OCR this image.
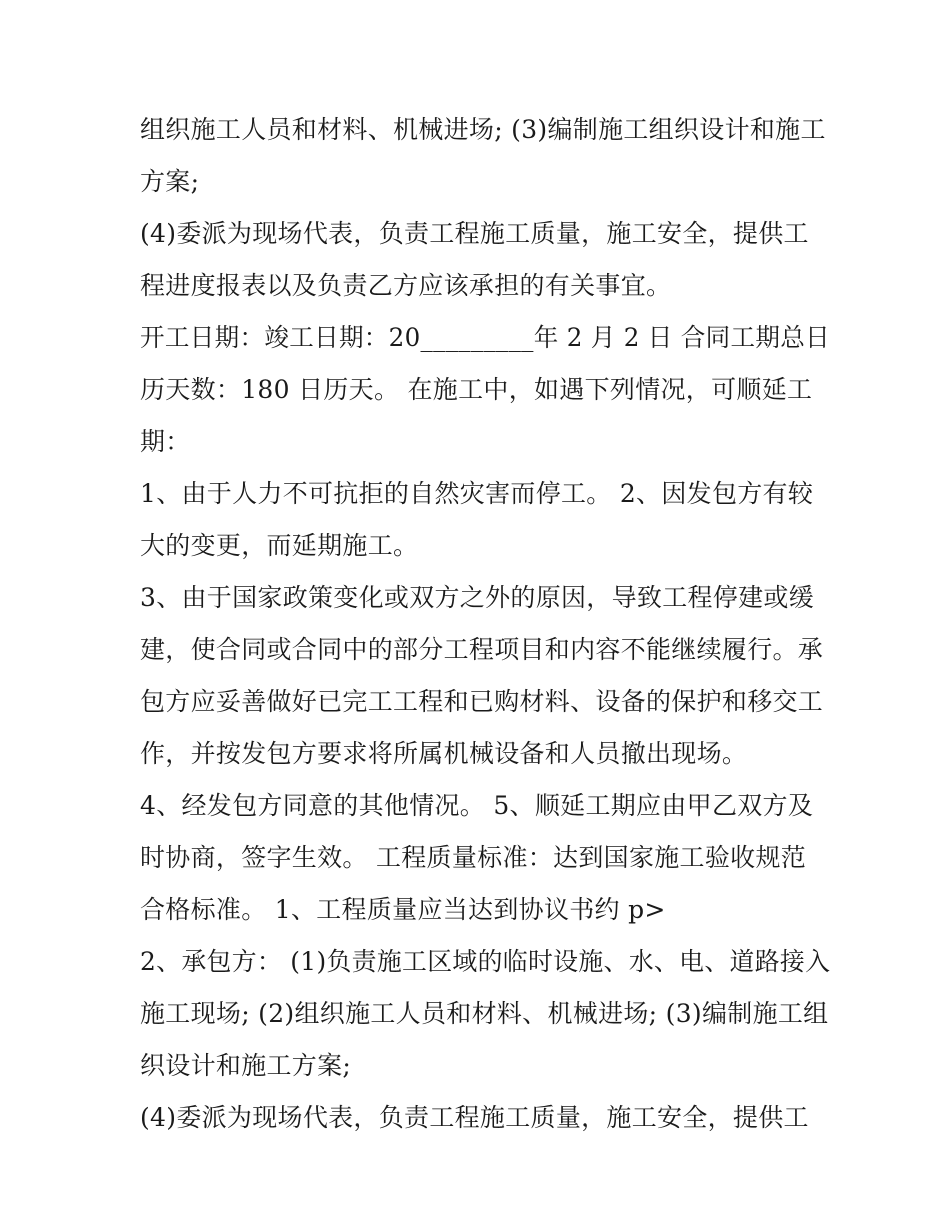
组织施工人员和材料、机械进场; (3)编制施工组织设计和施工
方案;
(4)委派为现场代表，负责工程施工质量，施工安全，提供工
程进度报表以及负责乙方应该承担的有关事宜。
开工日期：竣工日期：20_________年 2 月 2 日 合同工期总日
历天数：180 日历天。 在施工中，如遇下列情况，可顺延工
期：
1、由于人力不可抗拒的自然灾害而停工。 2、因发包方有较
大的变更，而延期施工。
3、由于国家政策变化或双方之外的原因，导致工程停建或缓
建，使合同或合同中的部分工程项目和内容不能继续履行。承
包方应妥善做好已完工工程和已购材料、设备的保护和移交工
作，并按发包方要求将所属机械设备和人员撤出现场。
4、经发包方同意的其他情况。 5、顺延工期应由甲乙双方及
时协商，签字生效。 工程质量标准：达到国家施工验收规范
合格标准。 1、工程质量应当达到协议书约 p>
2、承包方： (1)负责施工区域的临时设施、水、电、道路接入
施工现场; (2)组织施工人员和材料、机械进场; (3)编制施工组
织设计和施工方案;
(4)委派为现场代表，负责工程施工质量，施工安全，提供工
